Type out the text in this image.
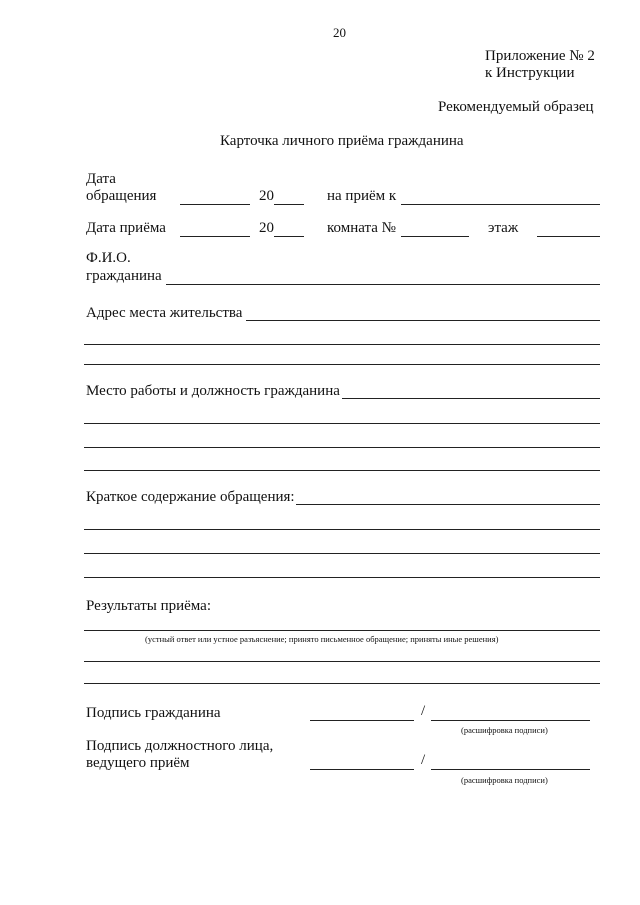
20
Приложение № 2
к Инструкции
Рекомендуемый образец
Карточка личного приёма гражданина
Дата
обращения	20	на приём к
Дата приёма	20	комната №	этаж
Ф.И.О.
гражданина
Адрес места жительства
Место работы и должность гражданина
Краткое содержание обращения:
Результаты приёма:
(устный ответ или устное разъяснение; принято письменное обращение; приняты иные решения)
Подпись гражданина	/
(расшифровка подписи)
Подпись должностного лица,
ведущего приём	/
(расшифровка подписи)
